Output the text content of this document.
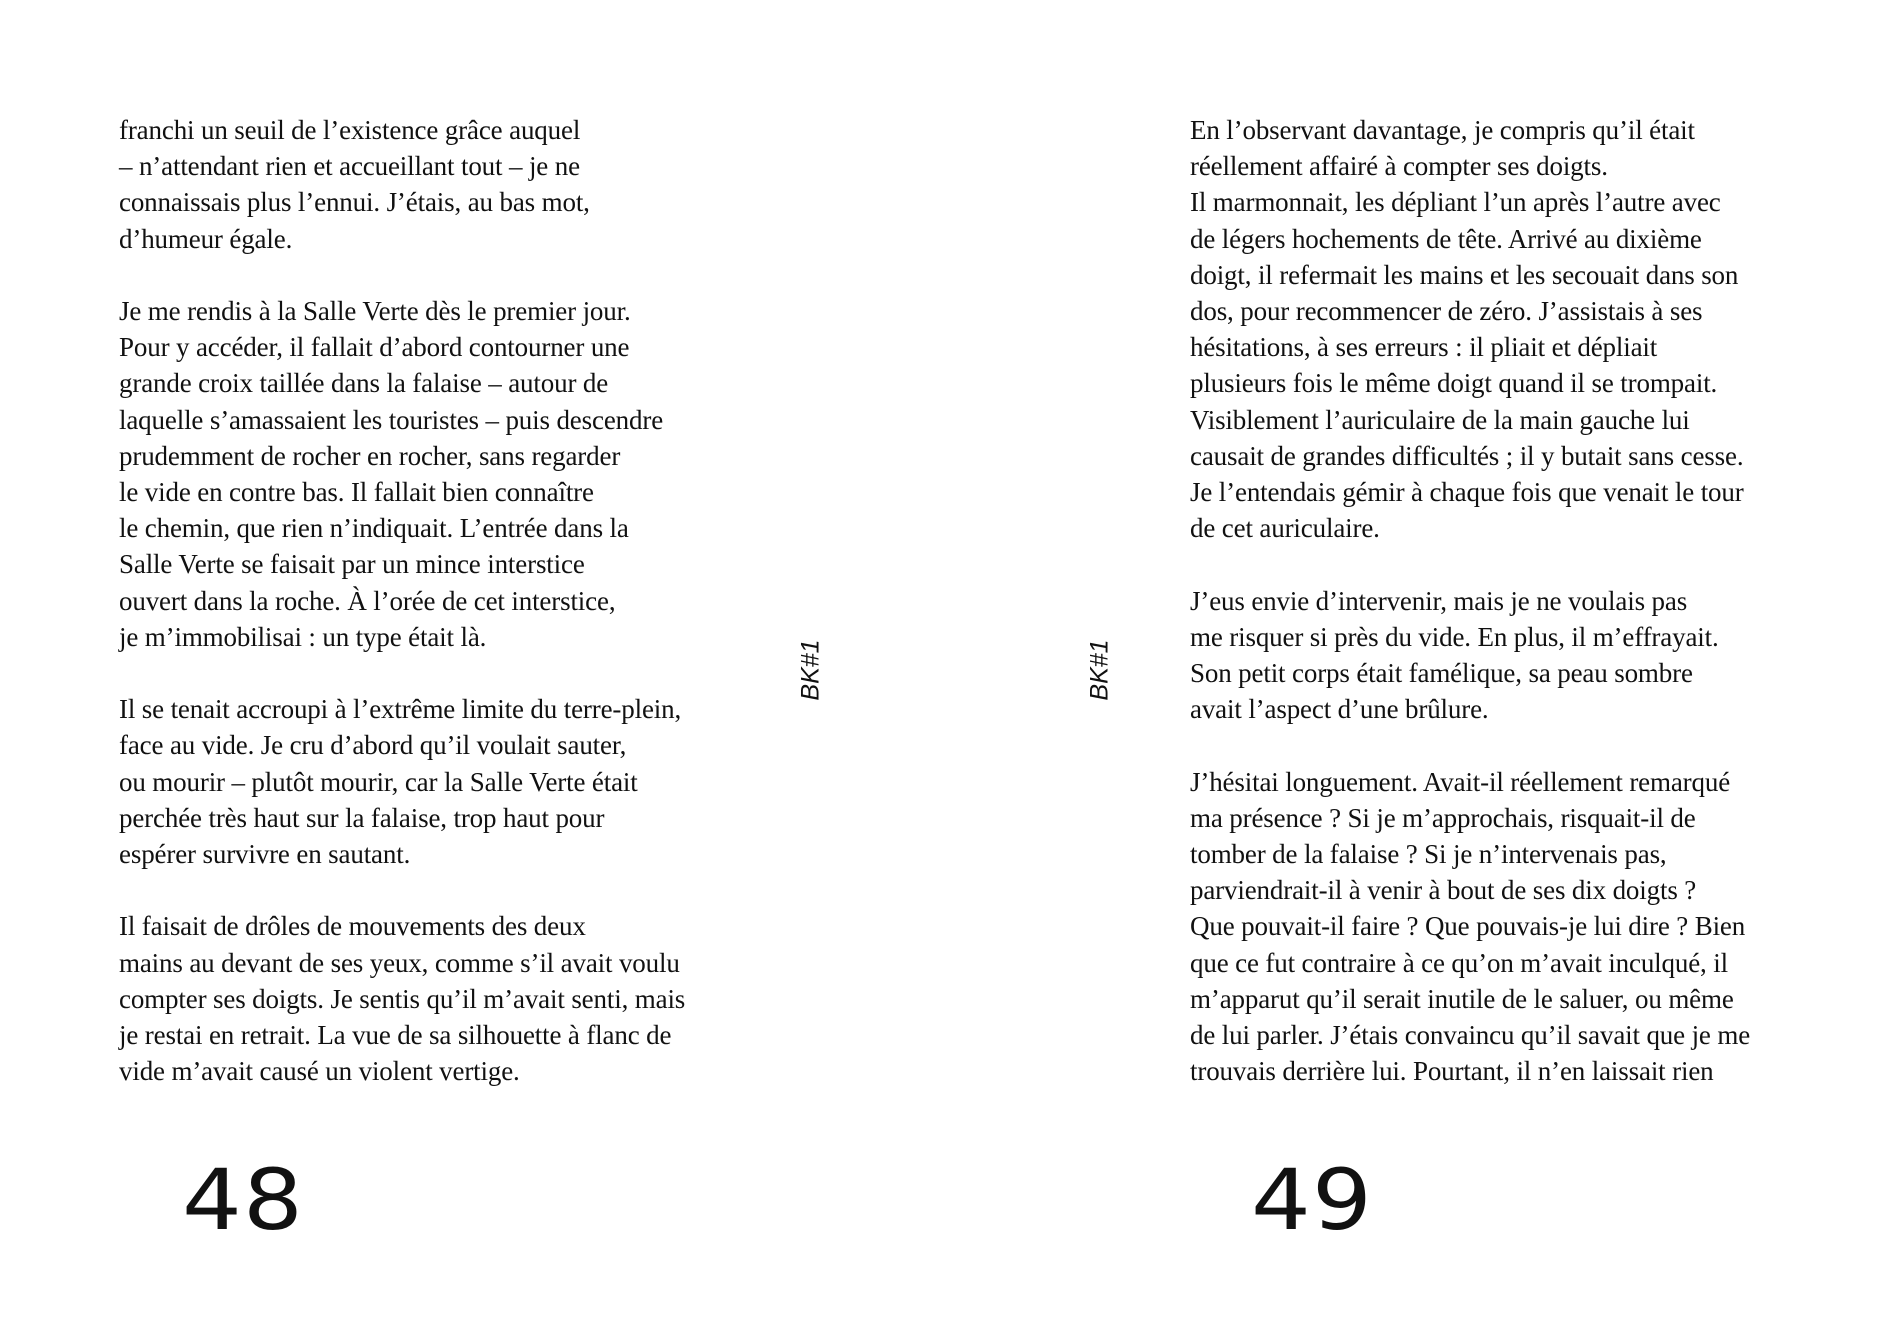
franchi un seuil de l’existence grâce auquel
– n’attendant rien et accueillant tout – je ne
connaissais plus l’ennui. J’étais, au bas mot,
d’humeur égale.

Je me rendis à la Salle Verte dès le premier jour.
Pour y accéder, il fallait d’abord contourner une
grande croix taillée dans la falaise – autour de
laquelle s’amassaient les touristes – puis descendre
prudemment de rocher en rocher, sans regarder
le vide en contre bas. Il fallait bien connaître
le chemin, que rien n’indiquait. L’entrée dans la
Salle Verte se faisait par un mince interstice
ouvert dans la roche. À l’orée de cet interstice,
je m’immobilisai : un type était là.

Il se tenait accroupi à l’extrême limite du terre-plein,
face au vide. Je cru d’abord qu’il voulait sauter,
ou mourir – plutôt mourir, car la Salle Verte était
perchée très haut sur la falaise, trop haut pour
espérer survivre en sautant.

Il faisait de drôles de mouvements des deux
mains au devant de ses yeux, comme s’il avait voulu
compter ses doigts. Je sentis qu’il m’avait senti, mais
je restai en retrait. La vue de sa silhouette à flanc de
vide m’avait causé un violent vertige.

BK#1
48
BK#1

En l’observant davantage, je compris qu’il était
réellement affairé à compter ses doigts.
Il marmonnait, les dépliant l’un après l’autre avec
de légers hochements de tête. Arrivé au dixième
doigt, il refermait les mains et les secouait dans son
dos, pour recommencer de zéro. J’assistais à ses
hésitations, à ses erreurs : il pliait et dépliait
plusieurs fois le même doigt quand il se trompait.
Visiblement l’auriculaire de la main gauche lui
causait de grandes difficultés ; il y butait sans cesse.
Je l’entendais gémir à chaque fois que venait le tour
de cet auriculaire.

J’eus envie d’intervenir, mais je ne voulais pas
me risquer si près du vide. En plus, il m’effrayait.
Son petit corps était famélique, sa peau sombre
avait l’aspect d’une brûlure.

J’hésitai longuement. Avait-il réellement remarqué
ma présence ? Si je m’approchais, risquait-il de
tomber de la falaise ? Si je n’intervenais pas,
parviendrait-il à venir à bout de ses dix doigts ?
Que pouvait-il faire ? Que pouvais-je lui dire ? Bien
que ce fut contraire à ce qu’on m’avait inculqué, il
m’apparut qu’il serait inutile de le saluer, ou même
de lui parler. J’étais convaincu qu’il savait que je me
trouvais derrière lui. Pourtant, il n’en laissait rien

49
